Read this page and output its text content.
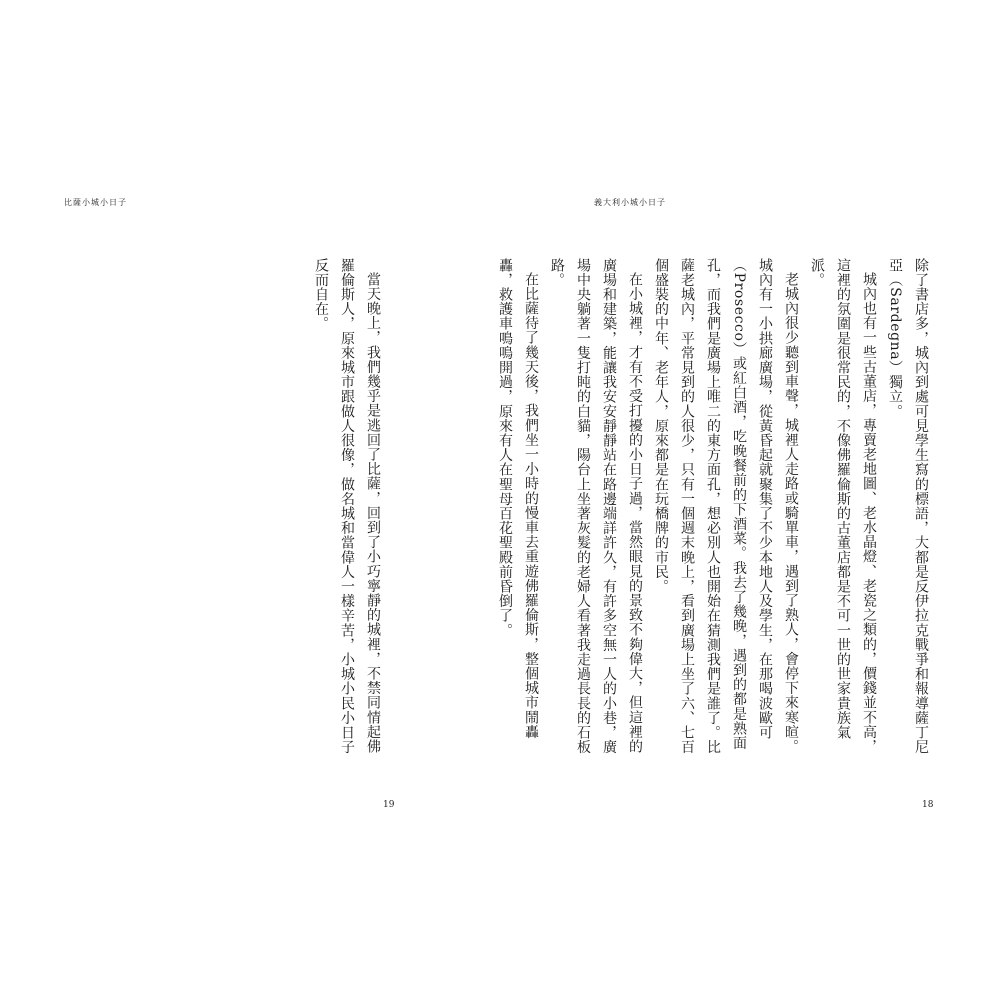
比薩小城小日子

當天晚上，我們幾乎是逃回了比薩，回到了小巧寧靜的城裡，不禁同情起佛羅倫斯人，原來城市跟做人很像，做名城和當偉人一樣辛苦，小城小民小日子反而自在。

19
義大利小城小日子

除了書店多，城內到處可見學生寫的標語，大都是反伊拉克戰爭和報導薩丁尼亞（Sardegna）獨立。

城內也有一些古董店，專賣老地圖、老水晶燈、老瓷之類的，價錢並不高，這裡的氛圍是很常民的，不像佛羅倫斯的古董店都是不可一世的世家貴族氣派。

老城內很少聽到車聲，城裡人走路或騎單車，遇到了熟人，會停下來寒暄。城內有一小拱廊廣場，從黃昏起就聚集了不少本地人及學生，在那喝波歐可（Prosecco）或紅白酒，吃晚餐前的下酒菜。我去了幾晚，遇到的都是熟面孔，而我們是廣場上唯二的東方面孔，想必別人也開始在猜測我們是誰了。比薩老城內，平常見到的人很少，只有一個週末晚上，看到廣場上坐了六、七百個盛裝的中年、老年人，原來都是在玩橋牌的市民。

在小城裡，才有不受打擾的小日子過，當然眼見的景致不夠偉大，但這裡的廣場和建築，能讓我安安靜靜站在路邊端詳許久，有許多空無一人的小巷，廣場中央躺著一隻打盹的白貓，陽台上坐著灰髮的老婦人看著我走過長長的石板路。

在比薩待了幾天後，我們坐一小時的慢車去重遊佛羅倫斯，整個城市鬧轟轟，救護車鳴鳴開過，原來有人在聖母百花聖殿前昏倒了。

18
